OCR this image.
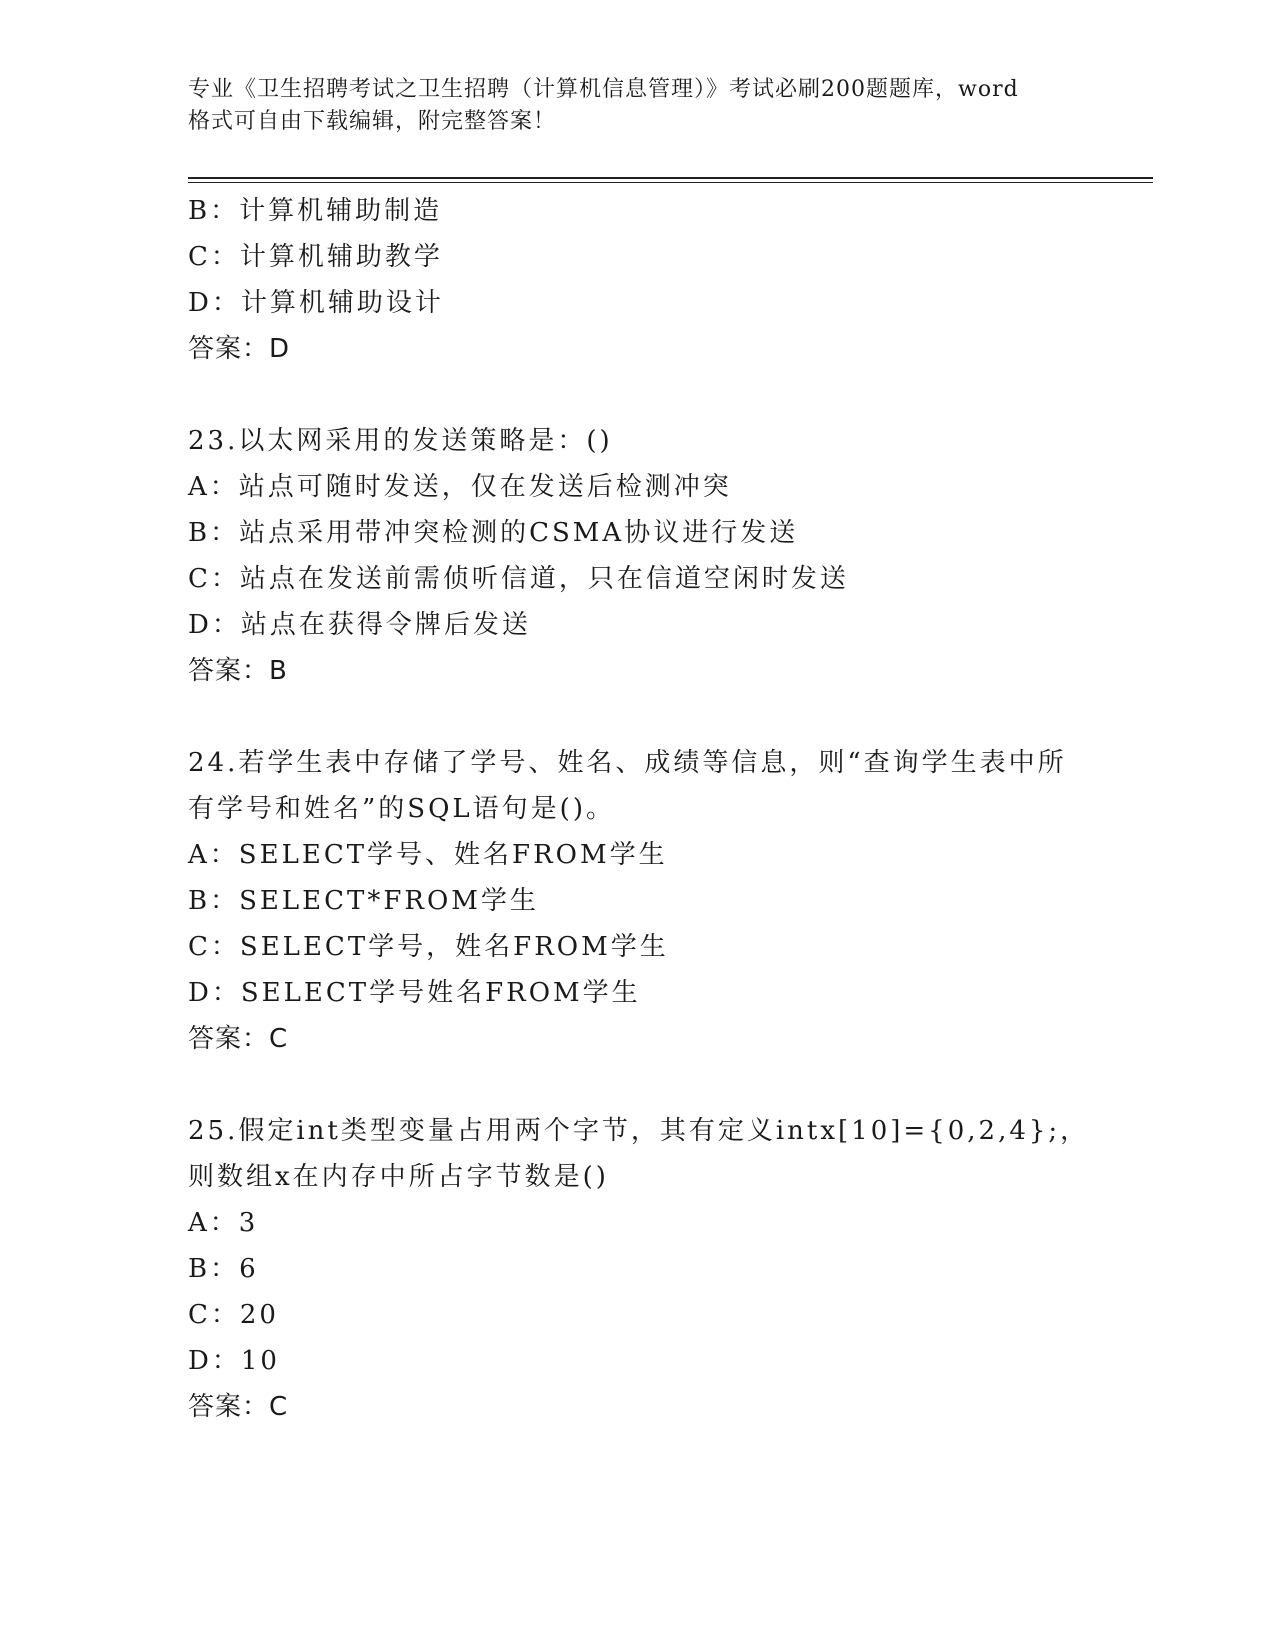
专业《卫生招聘考试之卫生招聘（计算机信息管理）》考试必刷200题题库，word
格式可自由下载编辑，附完整答案！
B：计算机辅助制造
C：计算机辅助教学
D：计算机辅助设计
答案：D
23.以太网采用的发送策略是：()
A：站点可随时发送，仅在发送后检测冲突
B：站点采用带冲突检测的CSMA协议进行发送
C：站点在发送前需侦听信道，只在信道空闲时发送
D：站点在获得令牌后发送
答案：B
24.若学生表中存储了学号、姓名、成绩等信息，则“查询学生表中所
有学号和姓名”的SQL语句是()。
A：SELECT学号、姓名FROM学生
B：SELECT*FROM学生
C：SELECT学号，姓名FROM学生
D：SELECT学号姓名FROM学生
答案：C
25.假定int类型变量占用两个字节，其有定义intx[10]={0,2,4};，
则数组x在内存中所占字节数是()
A：3
B：6
C：20
D：10
答案：C
